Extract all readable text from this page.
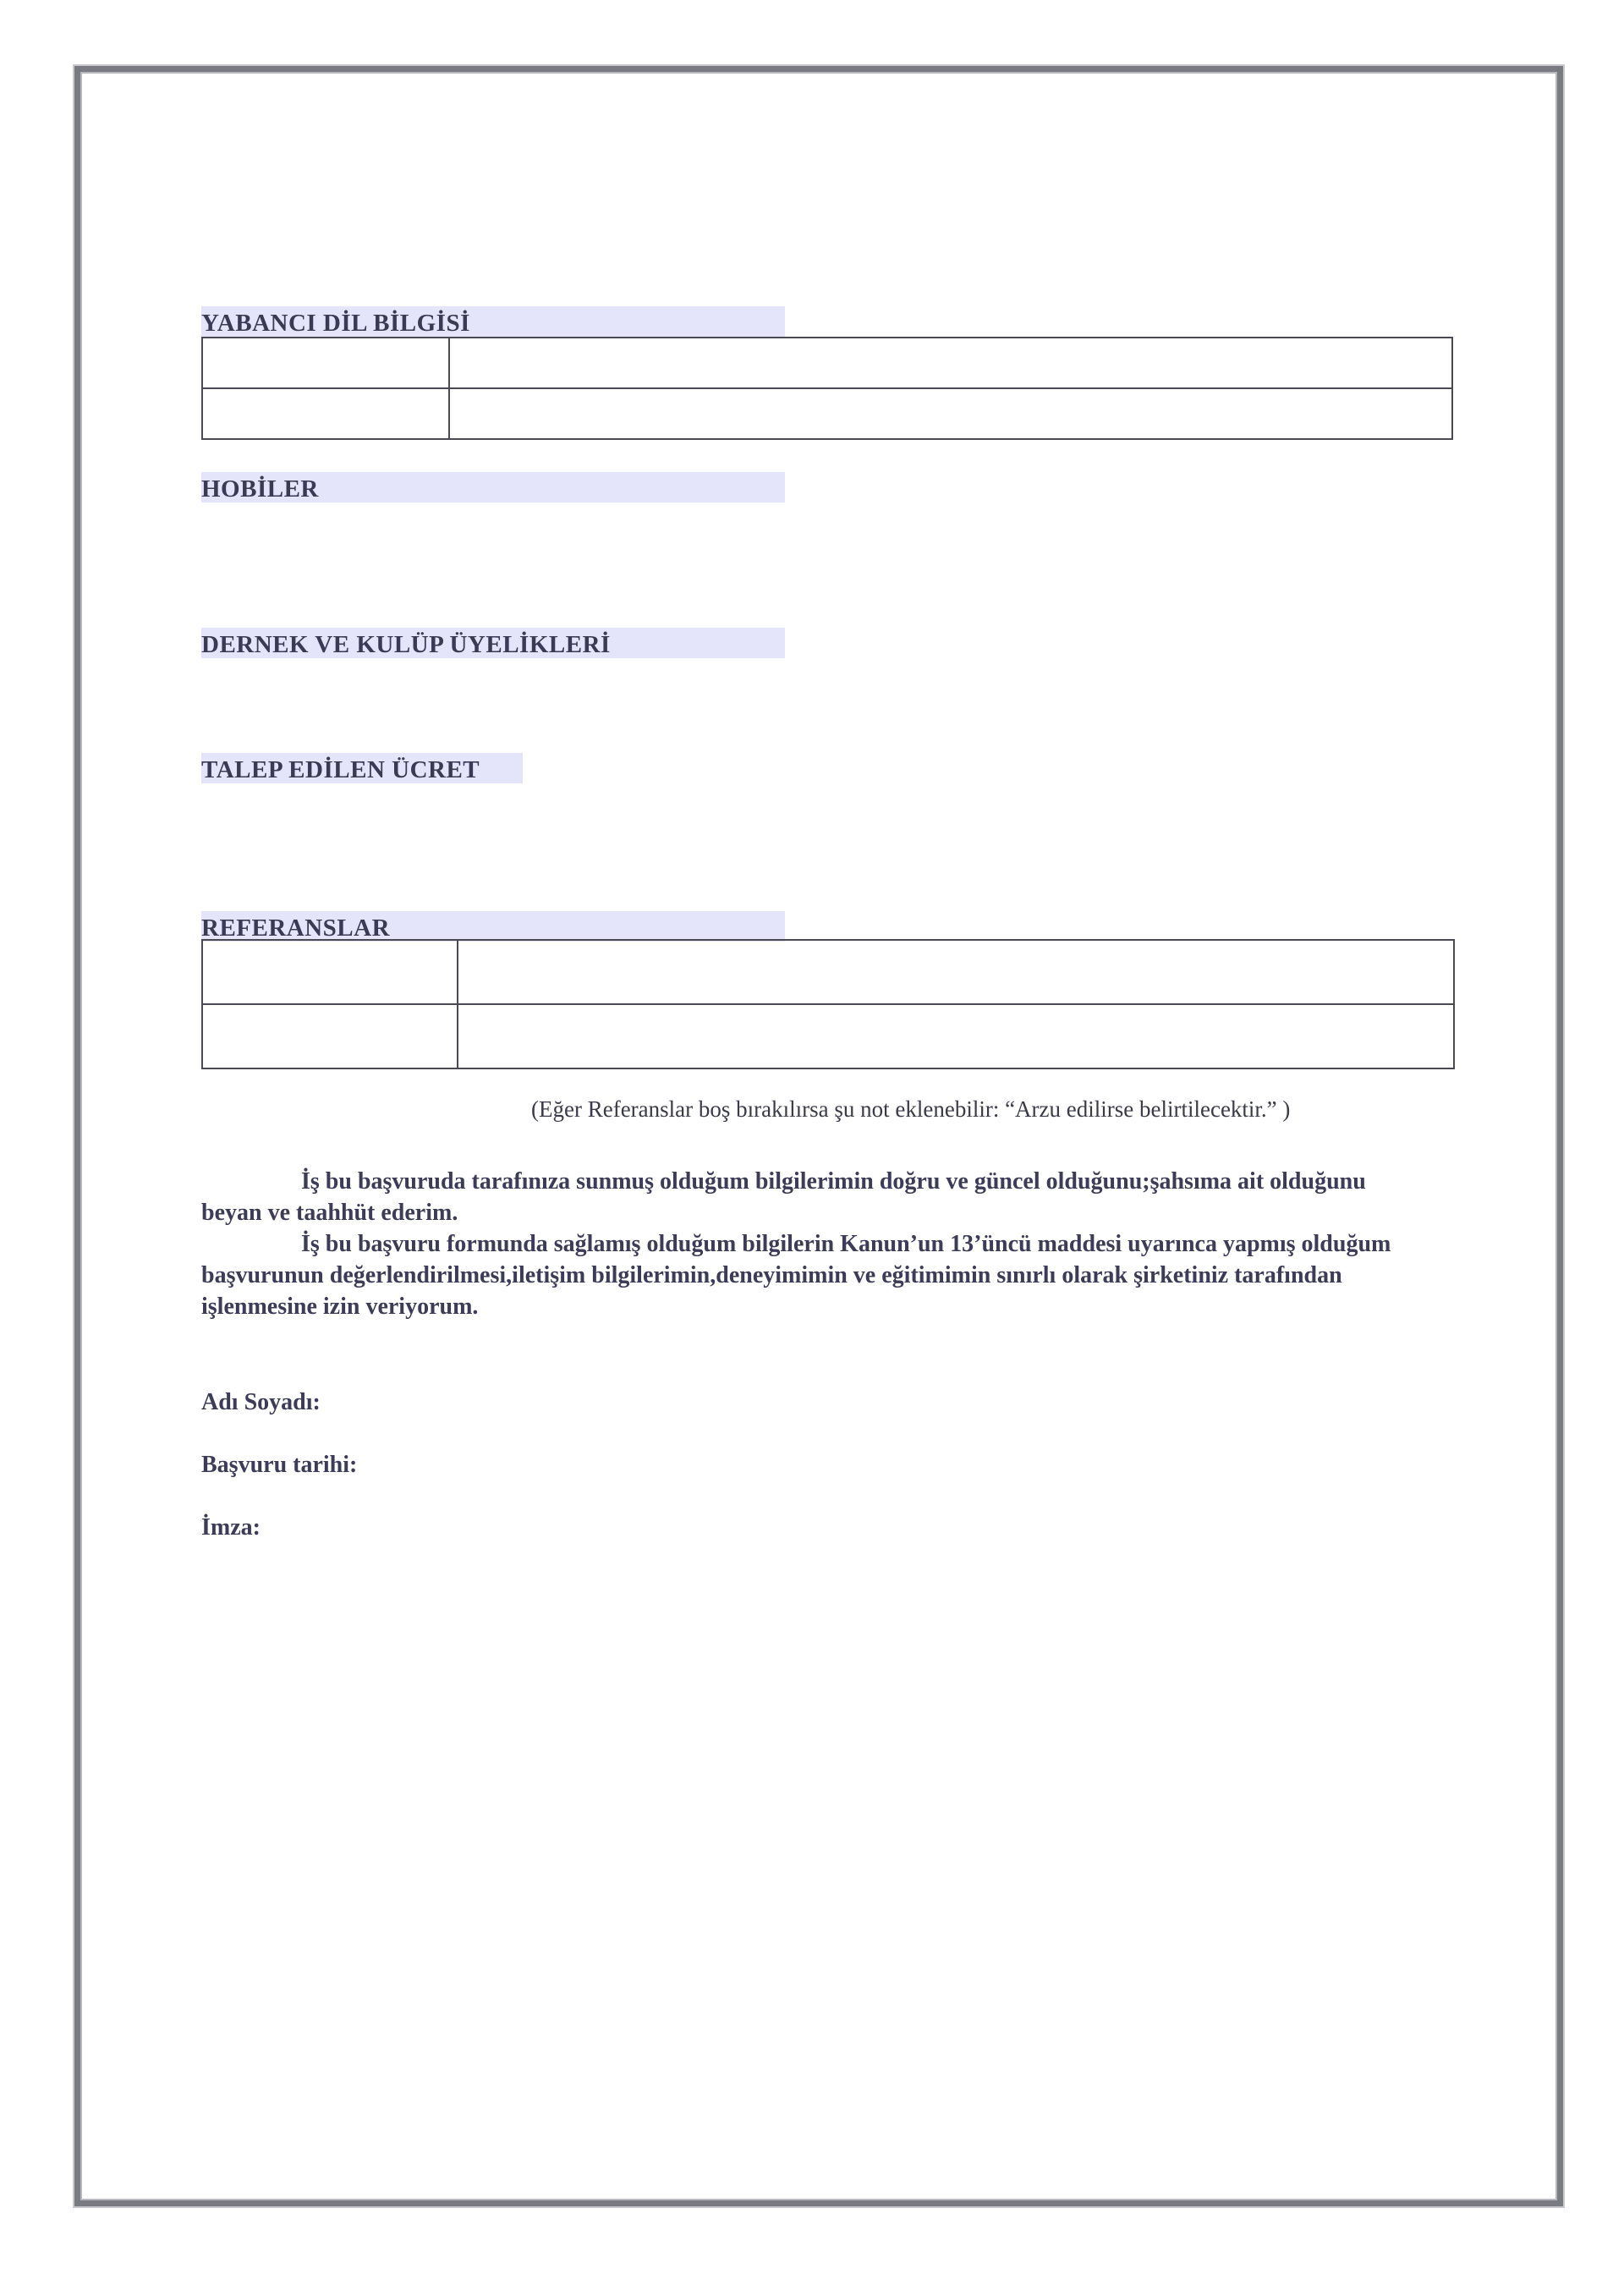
YABANCI DİL BİLGİSİ

HOBİLER
DERNEK VE KULÜP ÜYELİKLERİ
TALEP EDİLEN ÜCRET
REFERANSLAR

(Eğer Referanslar boş bırakılırsa şu not eklenebilir: “Arzu edilirse belirtilecektir.” )

İş bu başvuruda tarafınıza sunmuş olduğum bilgilerimin doğru ve güncel olduğunu;şahsıma ait olduğunu beyan ve taahhüt ederim.

İş bu başvuru formunda sağlamış olduğum bilgilerin Kanun’un 13’üncü maddesi uyarınca yapmış olduğum başvurunun değerlendirilmesi,iletişim bilgilerimin,deneyimimin ve eğitimimin sınırlı olarak şirketiniz tarafından işlenmesine izin veriyorum.

Adı Soyadı:
Başvuru tarihi:
İmza:
